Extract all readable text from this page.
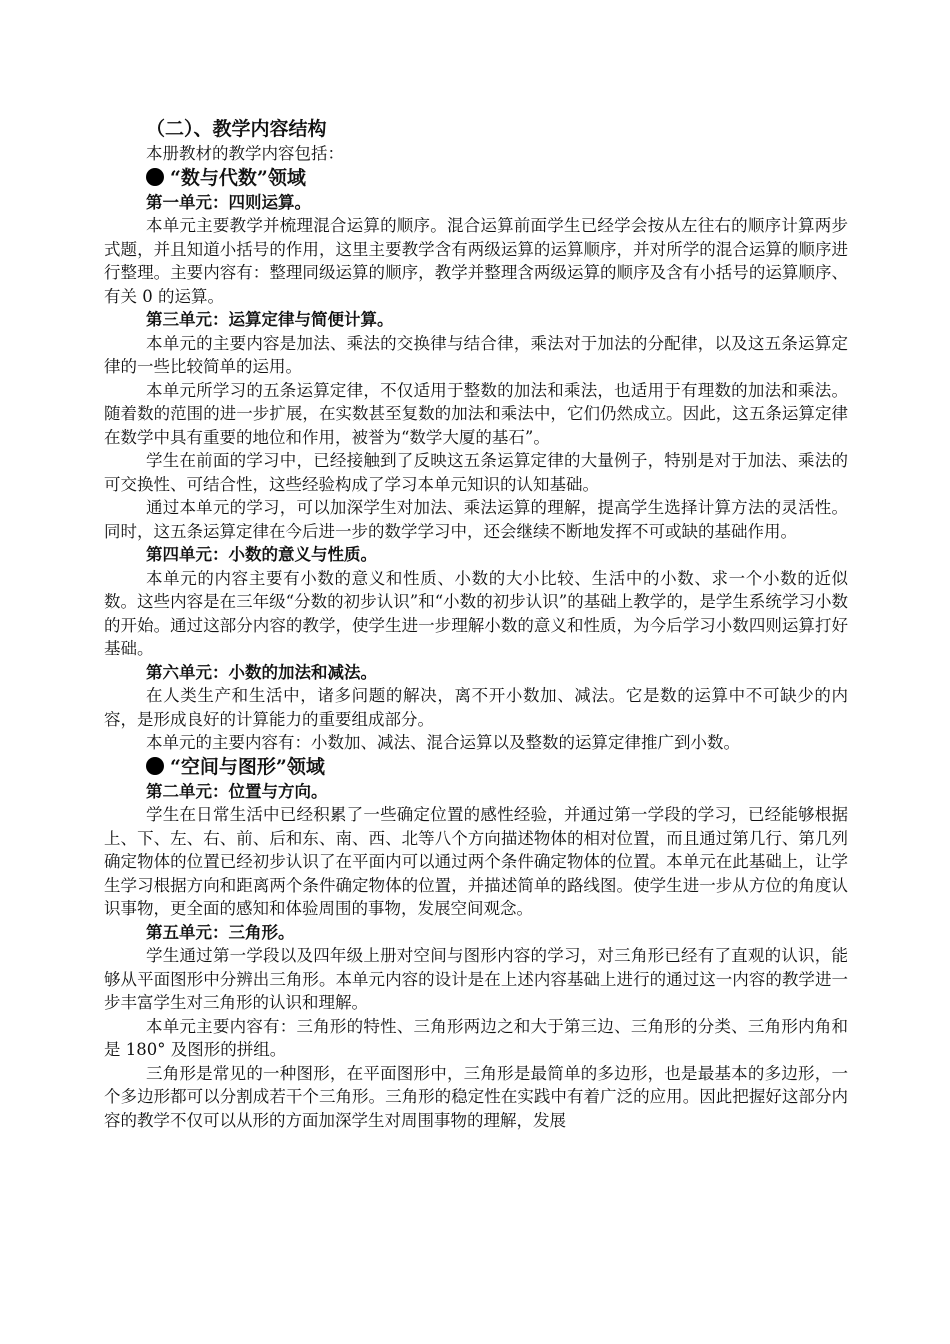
（二）、教学内容结构

本册教材的教学内容包括：

“数与代数”领域

第一单元：四则运算。

本单元主要教学并梳理混合运算的顺序。混合运算前面学生已经学会按从左往右的顺序计算两步式题，并且知道小括号的作用，这里主要教学含有两级运算的运算顺序，并对所学的混合运算的顺序进行整理。主要内容有：整理同级运算的顺序，教学并整理含两级运算的顺序及含有小括号的运算顺序、有关 0 的运算。

第三单元：运算定律与简便计算。

本单元的主要内容是加法、乘法的交换律与结合律，乘法对于加法的分配律，以及这五条运算定律的一些比较简单的运用。

本单元所学习的五条运算定律，不仅适用于整数的加法和乘法，也适用于有理数的加法和乘法。随着数的范围的进一步扩展，在实数甚至复数的加法和乘法中，它们仍然成立。因此，这五条运算定律在数学中具有重要的地位和作用，被誉为“数学大厦的基石”。

学生在前面的学习中，已经接触到了反映这五条运算定律的大量例子，特别是对于加法、乘法的可交换性、可结合性，这些经验构成了学习本单元知识的认知基础。

通过本单元的学习，可以加深学生对加法、乘法运算的理解，提高学生选择计算方法的灵活性。同时，这五条运算定律在今后进一步的数学学习中，还会继续不断地发挥不可或缺的基础作用。

第四单元：小数的意义与性质。

本单元的内容主要有小数的意义和性质、小数的大小比较、生活中的小数、求一个小数的近似数。这些内容是在三年级“分数的初步认识”和“小数的初步认识”的基础上教学的，是学生系统学习小数的开始。通过这部分内容的教学，使学生进一步理解小数的意义和性质，为今后学习小数四则运算打好基础。

第六单元：小数的加法和减法。

在人类生产和生活中，诸多问题的解决，离不开小数加、减法。它是数的运算中不可缺少的内容，是形成良好的计算能力的重要组成部分。

本单元的主要内容有：小数加、减法、混合运算以及整数的运算定律推广到小数。

“空间与图形”领域

第二单元：位置与方向。

学生在日常生活中已经积累了一些确定位置的感性经验，并通过第一学段的学习，已经能够根据上、下、左、右、前、后和东、南、西、北等八个方向描述物体的相对位置，而且通过第几行、第几列确定物体的位置已经初步认识了在平面内可以通过两个条件确定物体的位置。本单元在此基础上，让学生学习根据方向和距离两个条件确定物体的位置，并描述简单的路线图。使学生进一步从方位的角度认识事物，更全面的感知和体验周围的事物，发展空间观念。

第五单元：三角形。

学生通过第一学段以及四年级上册对空间与图形内容的学习，对三角形已经有了直观的认识，能够从平面图形中分辨出三角形。本单元内容的设计是在上述内容基础上进行的通过这一内容的教学进一步丰富学生对三角形的认识和理解。

本单元主要内容有：三角形的特性、三角形两边之和大于第三边、三角形的分类、三角形内角和是 180° 及图形的拼组。

三角形是常见的一种图形，在平面图形中，三角形是最简单的多边形，也是最基本的多边形，一个多边形都可以分割成若干个三角形。三角形的稳定性在实践中有着广泛的应用。因此把握好这部分内容的教学不仅可以从形的方面加深学生对周围事物的理解，发展
